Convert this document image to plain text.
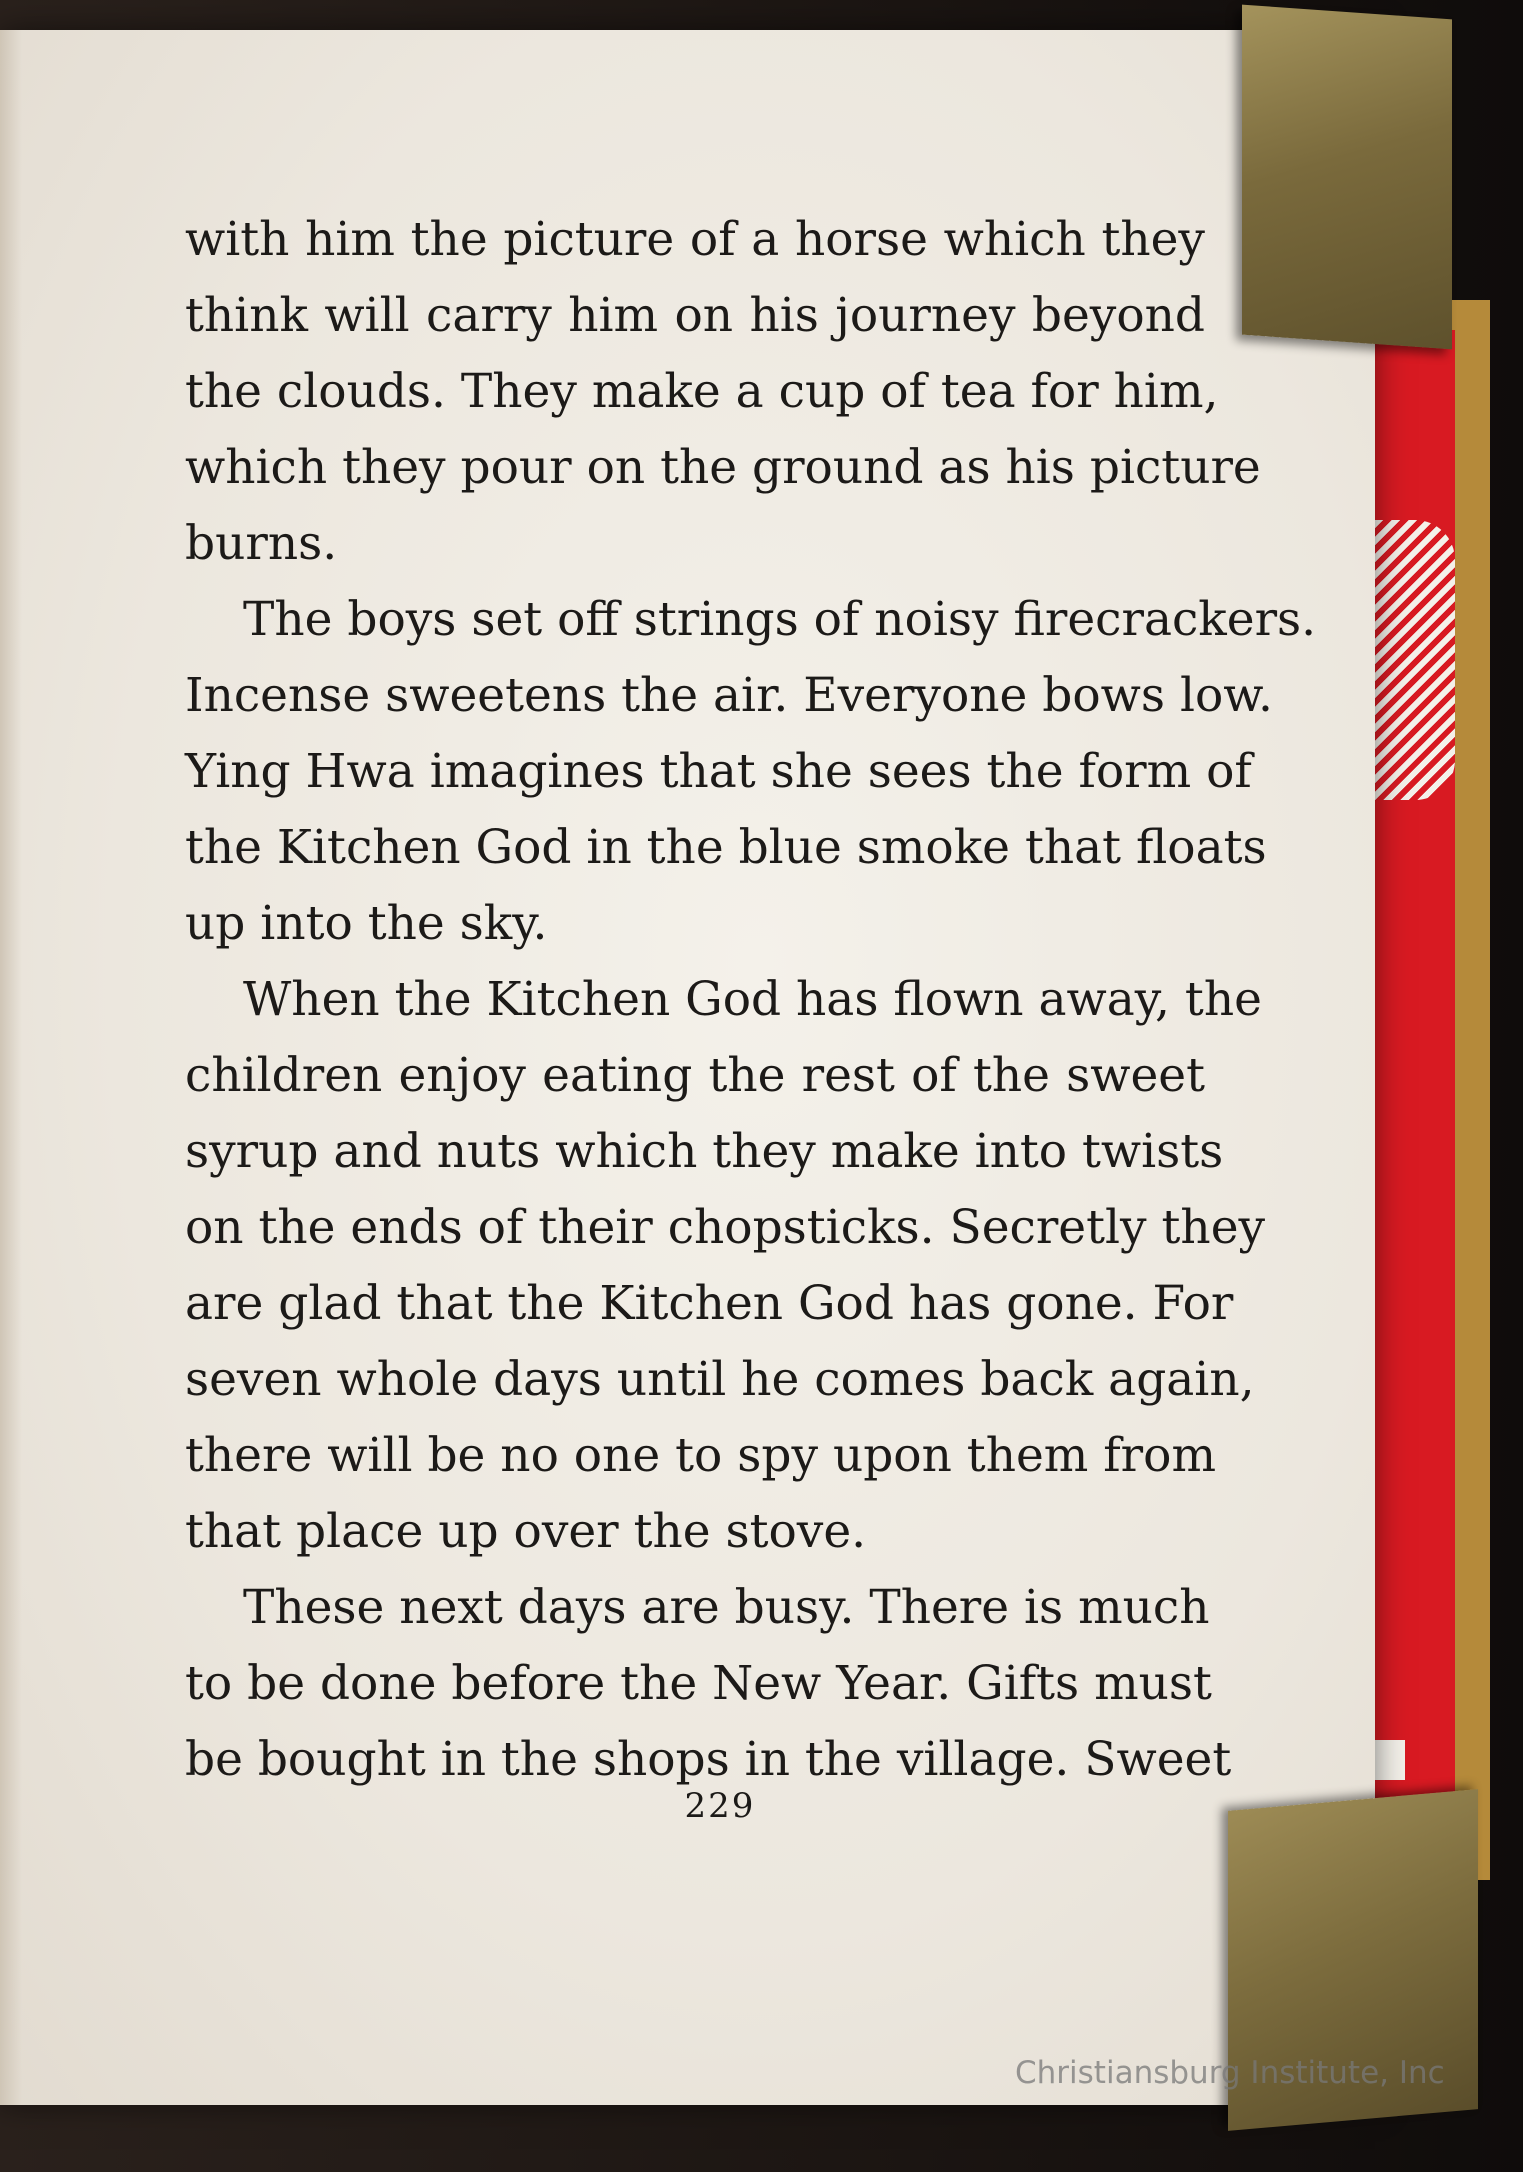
with him the picture of a horse which they
think will carry him on his journey beyond
the clouds. They make a cup of tea for him,
which they pour on the ground as his picture
burns.
The boys set off strings of noisy firecrackers.
Incense sweetens the air. Everyone bows low.
Ying Hwa imagines that she sees the form of
the Kitchen God in the blue smoke that floats
up into the sky.
When the Kitchen God has flown away, the
children enjoy eating the rest of the sweet
syrup and nuts which they make into twists
on the ends of their chopsticks. Secretly they
are glad that the Kitchen God has gone. For
seven whole days until he comes back again,
there will be no one to spy upon them from
that place up over the stove.
These next days are busy. There is much
to be done before the New Year. Gifts must
be bought in the shops in the village. Sweet
229
Christiansburg Institute, Inc
